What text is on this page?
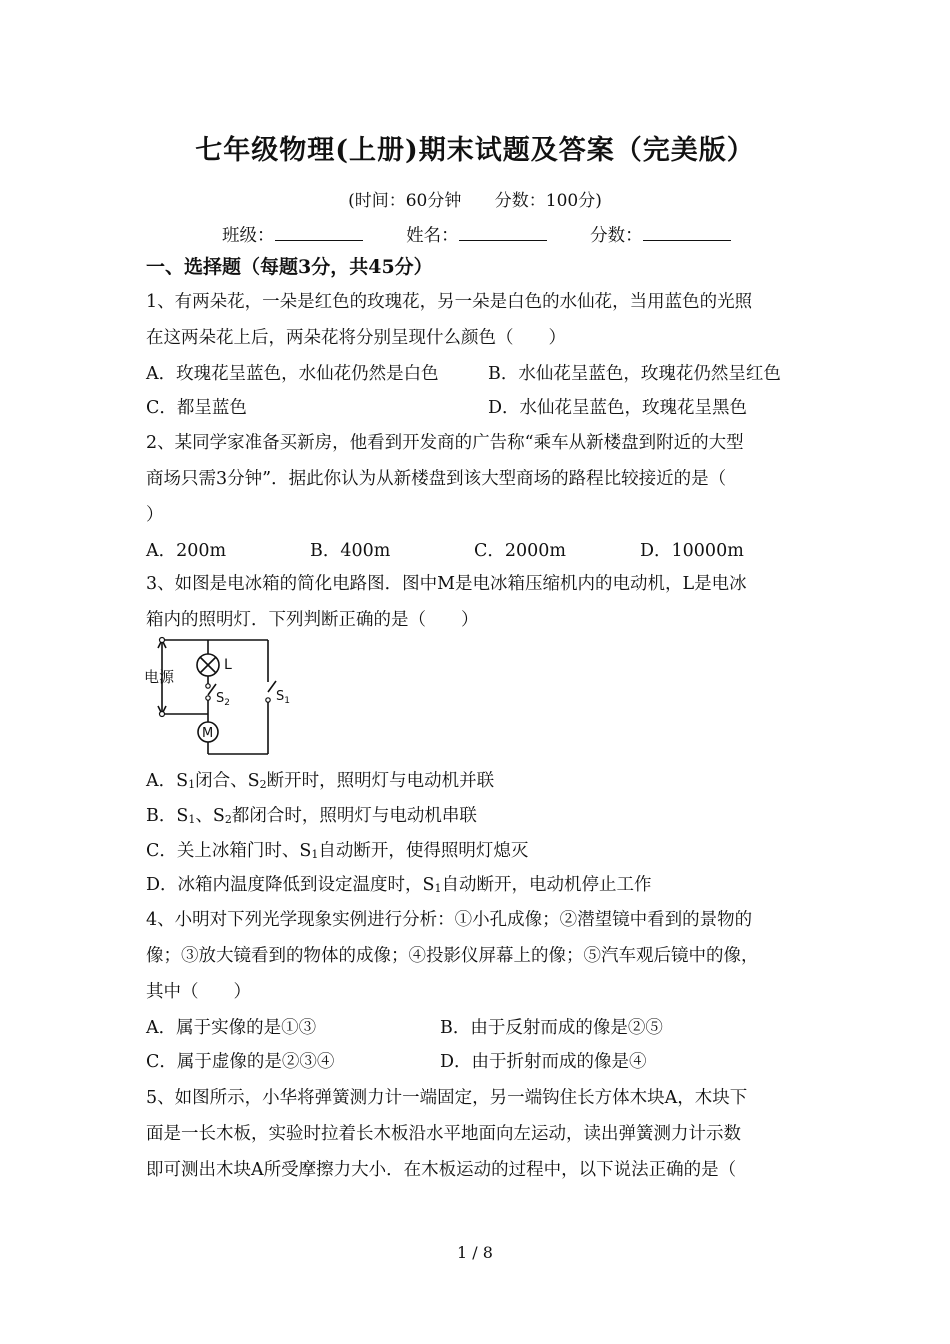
七年级物理(上册)期末试题及答案（完美版）
(时间：60分钟 分数：100分)
班级：	姓名：	分数：
一、选择题（每题3分，共45分）
1、有两朵花，一朵是红色的玫瑰花，另一朵是白色的水仙花，当用蓝色的光照
在这两朵花上后，两朵花将分别呈现什么颜色（　　）
A．玫瑰花呈蓝色，水仙花仍然是白色	B．水仙花呈蓝色，玫瑰花仍然呈红色
C．都呈蓝色	D．水仙花呈蓝色，玫瑰花呈黑色
2、某同学家准备买新房，他看到开发商的广告称“乘车从新楼盘到附近的大型
商场只需3分钟”．据此你认为从新楼盘到该大型商场的路程比较接近的是（
）
A．200m	B．400m	C．2000m	D．10000m
3、如图是电冰箱的简化电路图．图中M是电冰箱压缩机内的电动机，L是电冰
箱内的照明灯．下列判断正确的是（　　）
电源
L
M
$S_2$	$S_1$
A．$S_1$闭合、$S_2$断开时，照明灯与电动机并联
B．$S_1$、$S_2$都闭合时，照明灯与电动机串联
C．关上冰箱门时、$S_1$自动断开，使得照明灯熄灭
D．冰箱内温度降低到设定温度时，$S_1$自动断开，电动机停止工作
4、小明对下列光学现象实例进行分析：①小孔成像；②潜望镜中看到的景物的
像；③放大镜看到的物体的成像；④投影仪屏幕上的像；⑤汽车观后镜中的像，
其中（　　）
A．属于实像的是①③	B．由于反射而成的像是②⑤
C．属于虚像的是②③④	D．由于折射而成的像是④
5、如图所示，小华将弹簧测力计一端固定，另一端钩住长方体木块A，木块下
面是一长木板，实验时拉着长木板沿水平地面向左运动，读出弹簧测力计示数
即可测出木块A所受摩擦力大小．在木板运动的过程中，以下说法正确的是（
1 / 8
